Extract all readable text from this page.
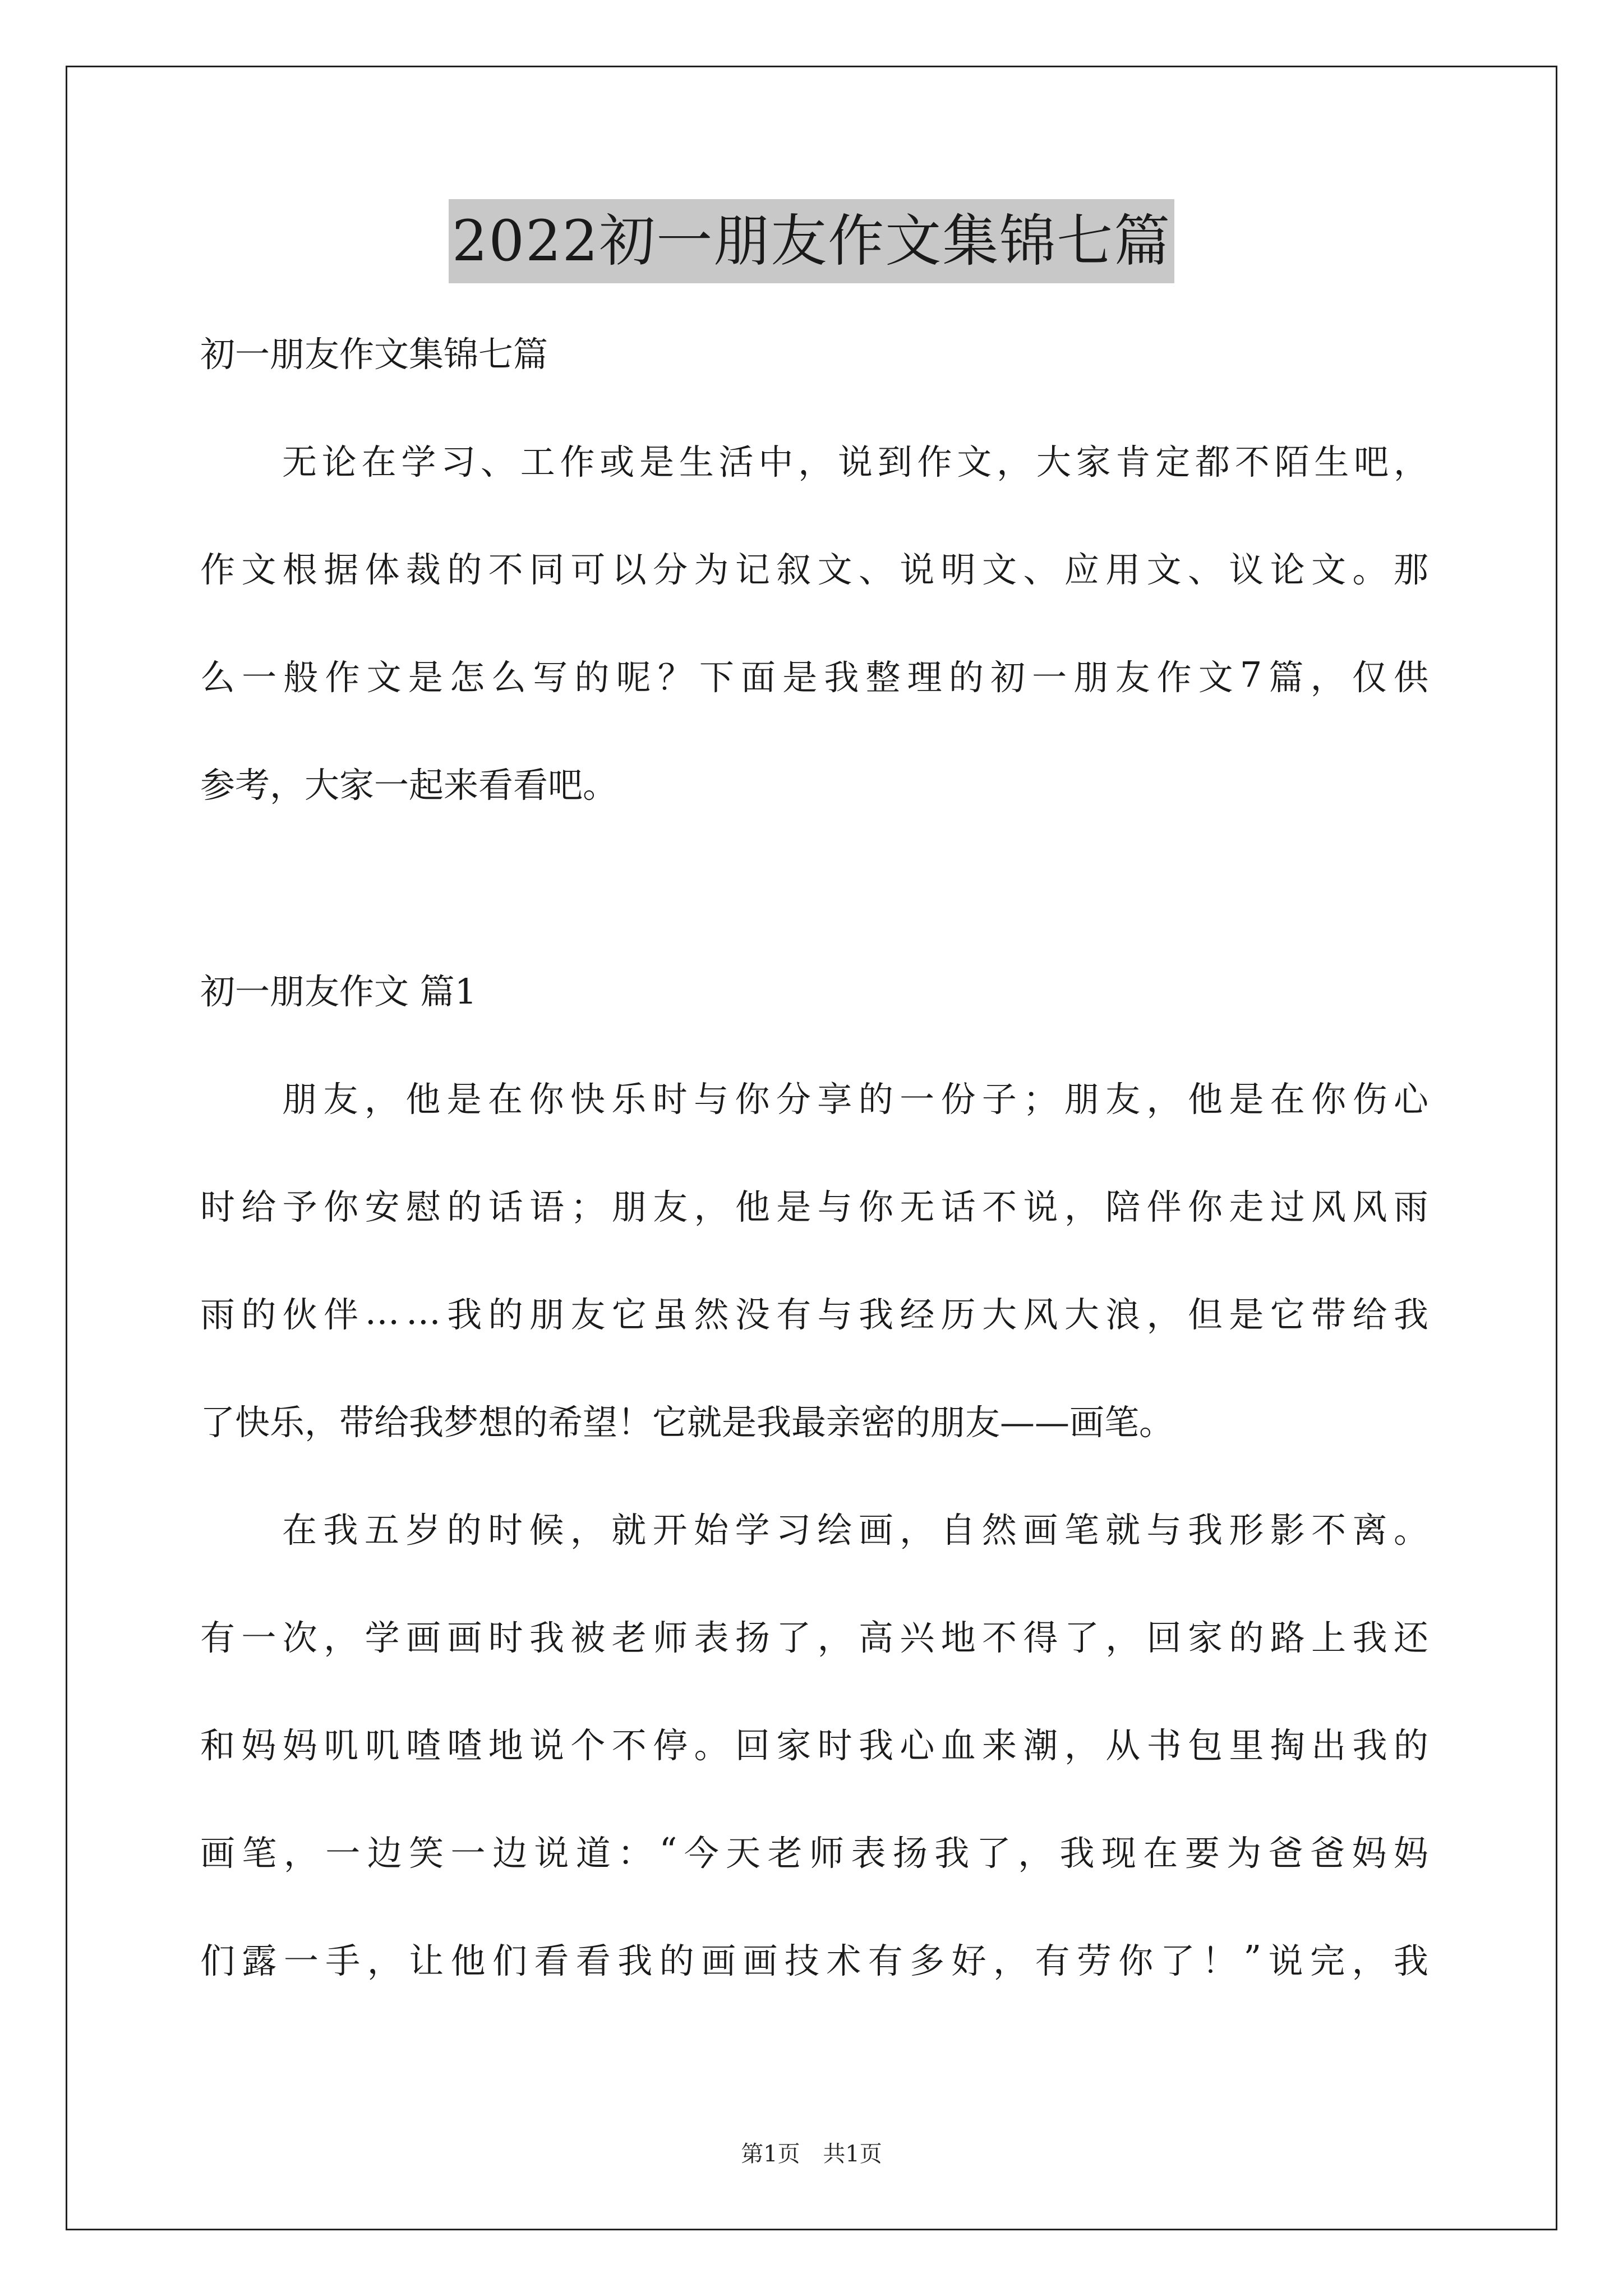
2022初一朋友作文集锦七篇
初一朋友作文集锦七篇
无 论 在 学 习 、 工 作 或 是 生 活 中 ， 说 到 作 文 ， 大 家 肯 定 都 不 陌 生 吧 ，
作 文 根 据 体 裁 的 不 同 可 以 分 为 记 叙 文 、 说 明 文 、 应 用 文 、 议 论 文 。 那
么 一 般 作 文 是 怎 么 写 的 呢 ？ 下 面 是 我 整 理 的 初 一 朋 友 作 文 7 篇 ， 仅 供
参考，大家一起来看看吧。
初一朋友作文 篇1
朋 友 ， 他 是 在 你 快 乐 时 与 你 分 享 的 一 份 子 ； 朋 友 ， 他 是 在 你 伤 心
时 给 予 你 安 慰 的 话 语 ； 朋 友 ， 他 是 与 你 无 话 不 说 ， 陪 伴 你 走 过 风 风 雨
雨 的 伙 伴 … … 我 的 朋 友 它 虽 然 没 有 与 我 经 历 大 风 大 浪 ， 但 是 它 带 给 我
了快乐，带给我梦想的希望！它就是我最亲密的朋友——画笔。
在 我 五 岁 的 时 候 ， 就 开 始 学 习 绘 画 ， 自 然 画 笔 就 与 我 形 影 不 离 。
有 一 次 ， 学 画 画 时 我 被 老 师 表 扬 了 ， 高 兴 地 不 得 了 ， 回 家 的 路 上 我 还
和 妈 妈 叽 叽 喳 喳 地 说 个 不 停 。 回 家 时 我 心 血 来 潮 ， 从 书 包 里 掏 出 我 的
画 笔 ， 一 边 笑 一 边 说 道 ： “ 今 天 老 师 表 扬 我 了 ， 我 现 在 要 为 爸 爸 妈 妈
们 露 一 手 ， 让 他 们 看 看 我 的 画 画 技 术 有 多 好 ， 有 劳 你 了 ！ ” 说 完 ， 我
第1页 共1页
